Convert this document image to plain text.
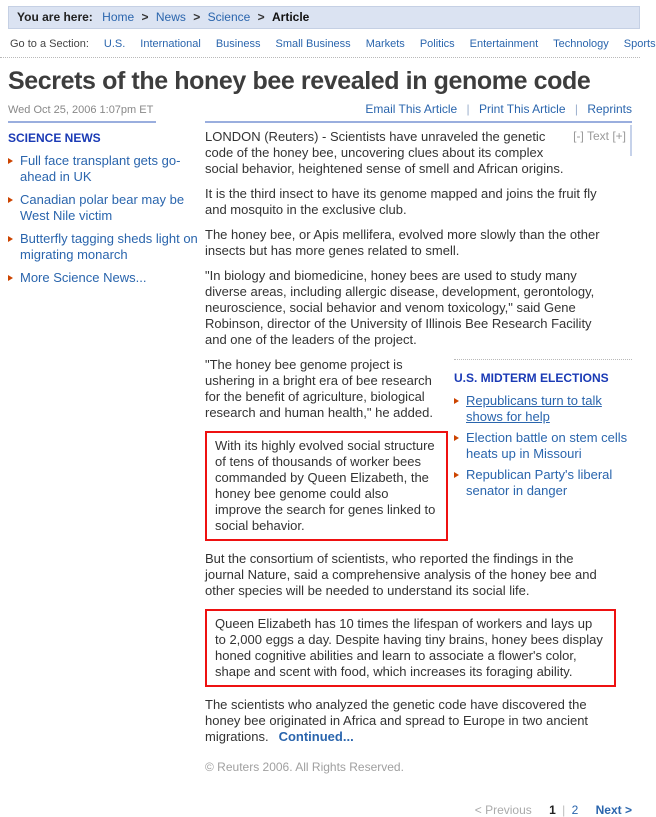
You are here: Home > News > Science > Article
Go to a Section: U.S. International Business Small Business Markets Politics Entertainment Technology Sports
Secrets of the honey bee revealed in genome code
Wed Oct 25, 2006 1:07pm ET	Email This Article | Print This Article | Reprints
SCIENCE NEWS
Full face transplant gets go-ahead in UK
Canadian polar bear may be West Nile victim
Butterfly tagging sheds light on migrating monarch
More Science News...
[-] Text [+]

LONDON (Reuters) - Scientists have unraveled the genetic code of the honey bee, uncovering clues about its complex social behavior, heightened sense of smell and African origins.

It is the third insect to have its genome mapped and joins the fruit fly and mosquito in the exclusive club.

The honey bee, or Apis mellifera, evolved more slowly than the other insects but has more genes related to smell.

"In biology and biomedicine, honey bees are used to study many diverse areas, including allergic disease, development, gerontology, neuroscience, social behavior and venom toxicology," said Gene Robinson, director of the University of Illinois Bee Research Facility and one of the leaders of the project.

U.S. MIDTERM ELECTIONS
Republicans turn to talk shows for help
Election battle on stem cells heats up in Missouri
Republican Party's liberal senator in danger

"The honey bee genome project is ushering in a bright era of bee research for the benefit of agriculture, biological research and human health," he added.

With its highly evolved social structure of tens of thousands of worker bees commanded by Queen Elizabeth, the honey bee genome could also improve the search for genes linked to social behavior.

But the consortium of scientists, who reported the findings in the journal Nature, said a comprehensive analysis of the honey bee and other species will be needed to understand its social life.

Queen Elizabeth has 10 times the lifespan of workers and lays up to 2,000 eggs a day. Despite having tiny brains, honey bees display honed cognitive abilities and learn to associate a flower's color, shape and scent with food, which increases its foraging ability.

The scientists who analyzed the genetic code have discovered the honey bee originated in Africa and spread to Europe in two ancient migrations. Continued...

© Reuters 2006. All Rights Reserved.
< Previous 1 | 2 Next >
